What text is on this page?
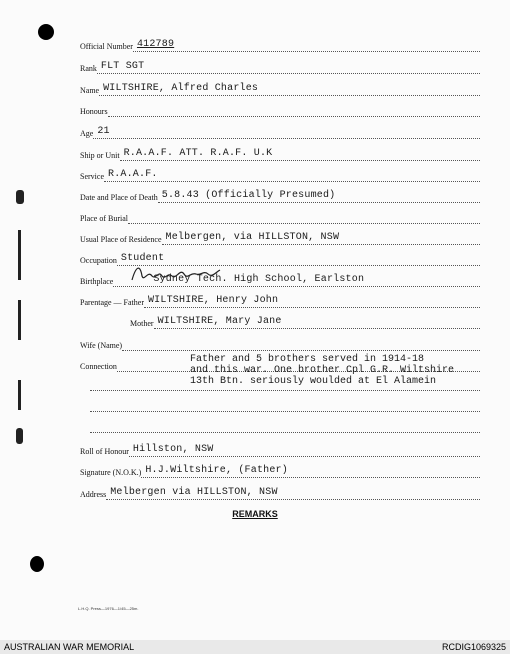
Official Number 412789
Rank FLT SGT
Name WILTSHIRE, Alfred Charles
Honours
Age 21
Ship or Unit R.A.A.F. ATT. R.A.F. U.K
Service R.A.A.F.
Date and Place of Death 5.8.43 (Officially Presumed)
Place of Burial
Usual Place of Residence Melbergen, via HILLSTON, NSW
Occupation Student
Birthplace	Sydney Tech. High School, Earlston
Parentage — Father WILTSHIRE, Henry John
Mother WILTSHIRE, Mary Jane
Wife (Name)
Connection
Father and 5 brothers served in 1914-18
and this war. One brother Cpl G.R. Wiltshire
13th Btn. seriously woulded at El Alamein
Roll of Honour Hillston, NSW
Signature (N.O.K.) H.J.Wiltshire, (Father)
Address Melbergen via HILLSTON, NSW
REMARKS
L.H.Q. Press—1976—1/45—25m.
AUSTRALIAN WAR MEMORIAL	RCDIG1069325
